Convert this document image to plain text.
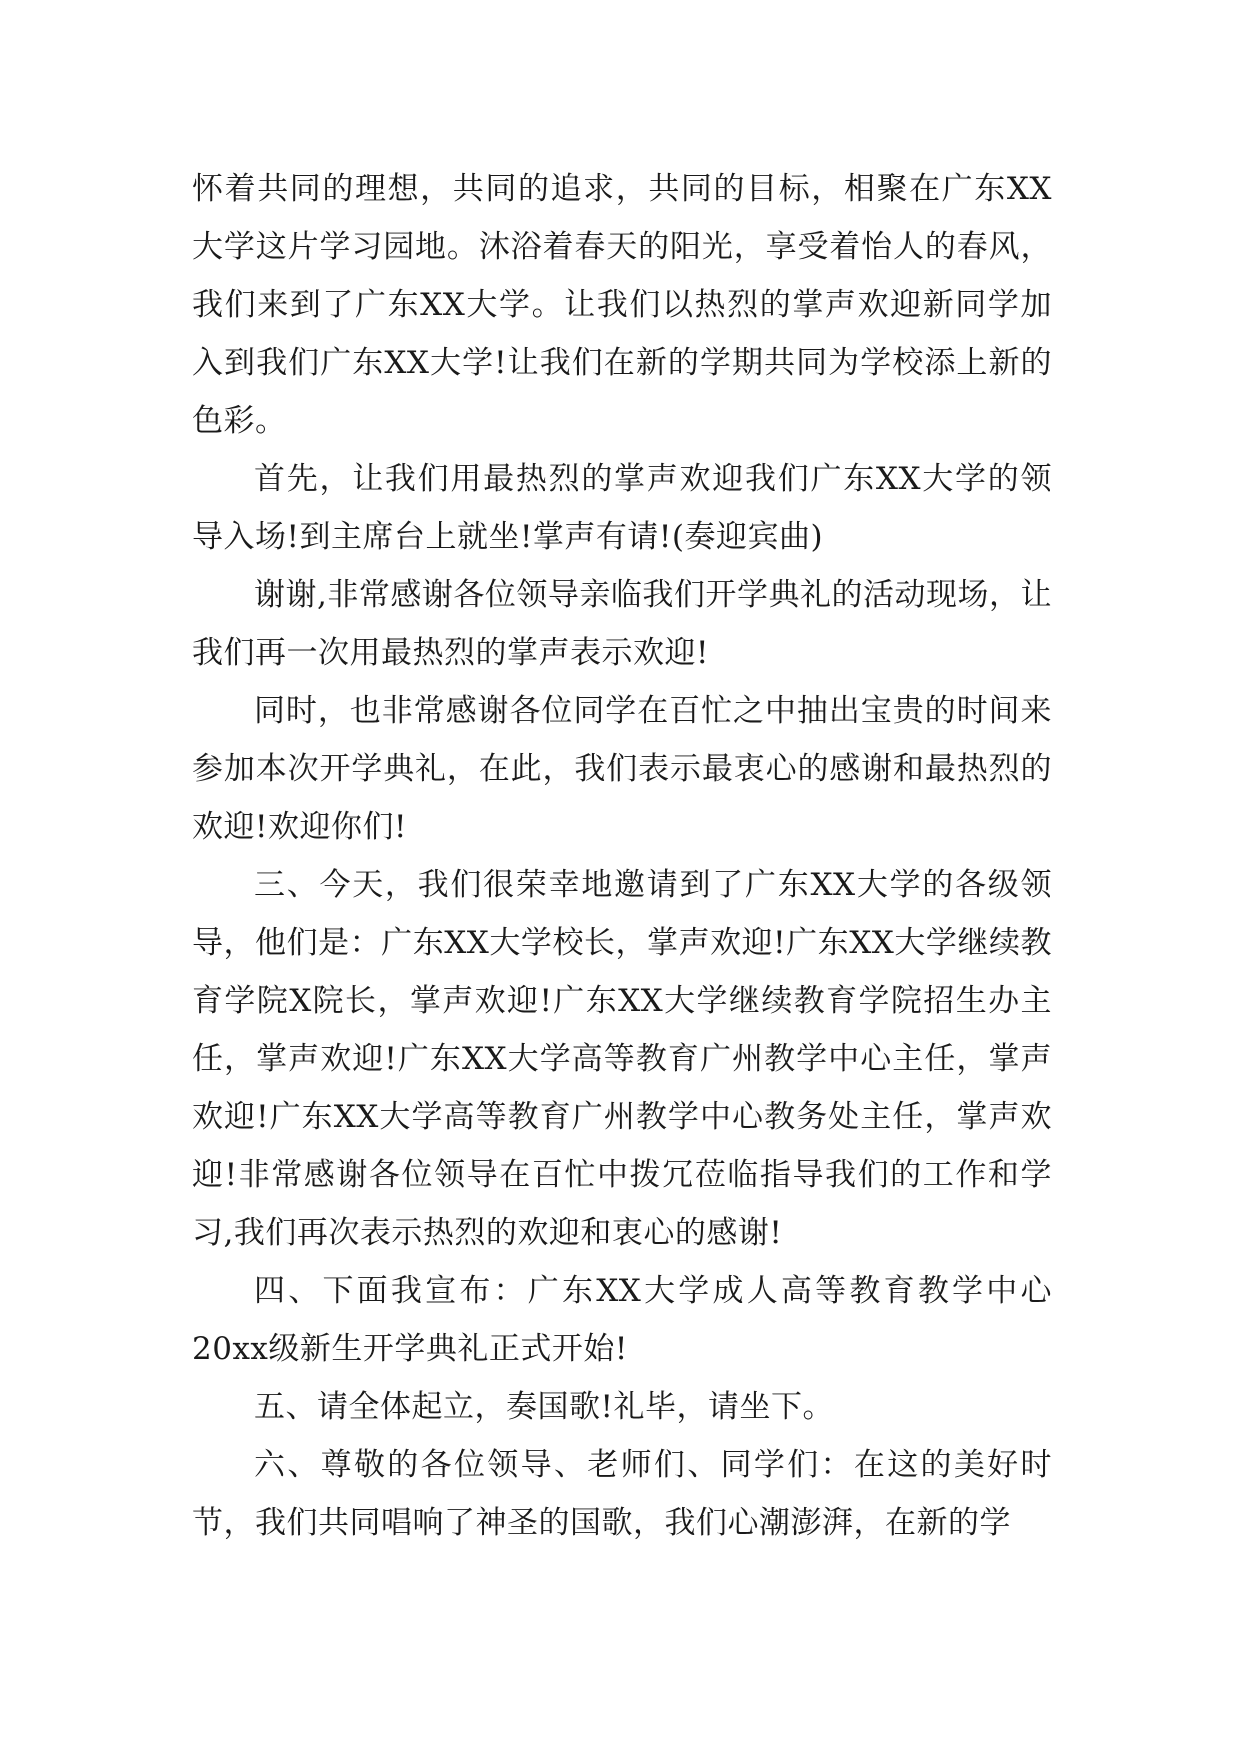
怀着共同的理想，共同的追求，共同的目标，相聚在广东XX大学这片学习园地。沐浴着春天的阳光，享受着怡人的春风，我们来到了广东XX大学。让我们以热烈的掌声欢迎新同学加入到我们广东XX大学!让我们在新的学期共同为学校添上新的色彩。

首先，让我们用最热烈的掌声欢迎我们广东XX大学的领导入场!到主席台上就坐!掌声有请!(奏迎宾曲)

谢谢,非常感谢各位领导亲临我们开学典礼的活动现场，让我们再一次用最热烈的掌声表示欢迎!

同时，也非常感谢各位同学在百忙之中抽出宝贵的时间来参加本次开学典礼，在此，我们表示最衷心的感谢和最热烈的欢迎!欢迎你们!

三、今天，我们很荣幸地邀请到了广东XX大学的各级领导，他们是：广东XX大学校长，掌声欢迎!广东XX大学继续教育学院X院长，掌声欢迎!广东XX大学继续教育学院招生办主任，掌声欢迎!广东XX大学高等教育广州教学中心主任，掌声欢迎!广东XX大学高等教育广州教学中心教务处主任，掌声欢迎!非常感谢各位领导在百忙中拨冗莅临指导我们的工作和学习,我们再次表示热烈的欢迎和衷心的感谢!

四、下面我宣布：广东XX大学成人高等教育教学中心20xx级新生开学典礼正式开始!

五、请全体起立，奏国歌!礼毕，请坐下。

六、尊敬的各位领导、老师们、同学们：在这的美好时节，我们共同唱响了神圣的国歌，我们心潮澎湃，在新的学
